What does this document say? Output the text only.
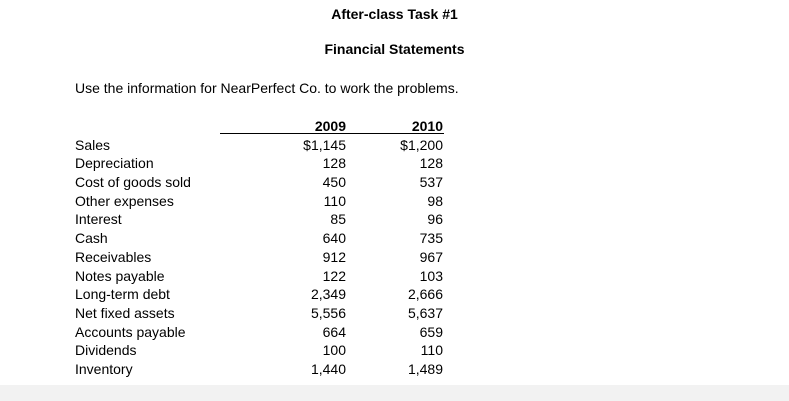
After-class Task #1
Financial Statements
Use the information for NearPerfect Co. to work the problems.
2009	2010
Sales	$1,145	$1,200
Depreciation	128	128
Cost of goods sold	450	537
Other expenses	110	98
Interest	85	96
Cash	640	735
Receivables	912	967
Notes payable	122	103
Long-term debt	2,349	2,666
Net fixed assets	5,556	5,637
Accounts payable	664	659
Dividends	100	110
Inventory	1,440	1,489
